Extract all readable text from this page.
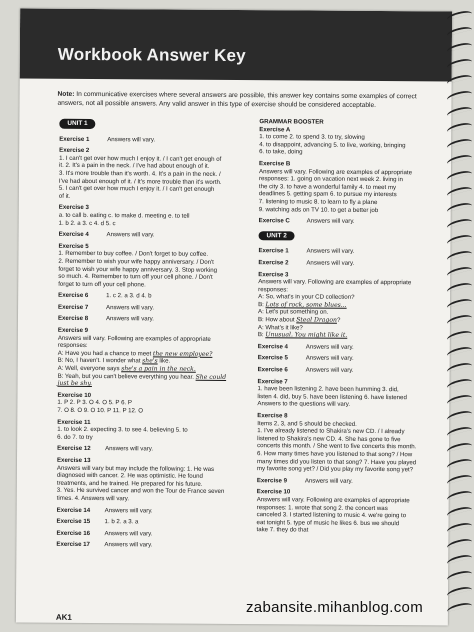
Workbook Answer Key
Note: In communicative exercises where several answers are possible, this answer key contains some examples of correct answers, not all possible answers. Any valid answer in this type of exercise should be considered acceptable.
UNIT 1
Exercise 1	Answers will vary.
Exercise 2
1. I can't get over how much I enjoy it. / I can't get enough of
it. 2. It's a pain in the neck. / I've had about enough of it.
3. It's more trouble than it's worth. 4. It's a pain in the neck. /
I've had about enough of it. / It's more trouble than it's worth.
5. I can't get over how much I enjoy it. / I can't get enough
of it.
Exercise 3
a. to call b. eating c. to make d. meeting e. to tell
1. b 2. a 3. c 4. d 5. c
Exercise 4	Answers will vary.
Exercise 5
1. Remember to buy coffee. / Don't forget to buy coffee.
2. Remember to wish your wife happy anniversary. / Don't
forget to wish your wife happy anniversary. 3. Stop working
so much. 4. Remember to turn off your cell phone. / Don't
forget to turn off your cell phone.
Exercise 6	1. c 2. a 3. d 4. b
Exercise 7	Answers will vary.
Exercise 8	Answers will vary.
Exercise 9
Answers will vary. Following are examples of appropriate responses:
A: Have you had a chance to meet the new employee?
B: No, I haven't. I wonder what she's like.
A: Well, everyone says she's a pain in the neck.
B: Yeah, but you can't believe everything you hear. She could just be shy.
Exercise 10
1. P 2. P 3. O 4. O 5. P 6. P
7. O 8. O 9. O 10. P 11. P 12. O
Exercise 11
1. to look 2. expecting 3. to see 4. believing 5. to
6. do 7. to try
Exercise 12	Answers will vary.
Exercise 13
Answers will vary but may include the following: 1. He was
diagnosed with cancer. 2. He was optimistic. He found
treatments, and he trained. He prepared for his future.
3. Yes. He survived cancer and won the Tour de France seven
times. 4. Answers will vary.
Exercise 14	Answers will vary.
Exercise 15	1. b 2. a 3. a
Exercise 16	Answers will vary.
Exercise 17	Answers will vary.
GRAMMAR BOOSTER
Exercise A
1. to come 2. to spend 3. to try, slowing
4. to disappoint, advancing 5. to live, working, bringing
6. to take, doing
Exercise B
Answers will vary. Following are examples of appropriate
responses: 1. going on vacation next week 2. living in
the city 3. to have a wonderful family 4. to meet my
deadlines 5. getting spam 6. to pursue my interests
7. listening to music 8. to learn to fly a plane
9. watching ads on TV 10. to get a better job
Exercise C	Answers will vary.
UNIT 2
Exercise 1	Answers will vary.
Exercise 2	Answers will vary.
Exercise 3
Answers will vary. Following are examples of appropriate responses:
A: So, what's in your CD collection?
B: Lots of rock, some blues...
A: Let's put something on.
B: How about Steal Dragon?
A: What's it like?
B: Unusual. You might like it.
Exercise 4	Answers will vary.
Exercise 5	Answers will vary.
Exercise 6	Answers will vary.
Exercise 7
1. have been listening 2. have been humming 3. did,
listen 4. did, buy 5. have been listening 6. have listened
Answers to the questions will vary.
Exercise 8
Items 2, 3, and 5 should be checked.
1. I've already listened to Shakira's new CD. / I already
listened to Shakira's new CD. 4. She has gone to five
concerts this month. / She went to five concerts this month.
6. How many times have you listened to that song? / How
many times did you listen to that song? 7. Have you played
my favorite song yet? / Did you play my favorite song yet?
Exercise 9	Answers will vary.
Exercise 10
Answers will vary. Following are examples of appropriate
responses: 1. wrote that song 2. the concert was
canceled 3. I started listening to music 4. we're going to
eat tonight 5. type of music he likes 6. bus we should
take 7. they do that
AK1
zabansite.mihanblog.com
